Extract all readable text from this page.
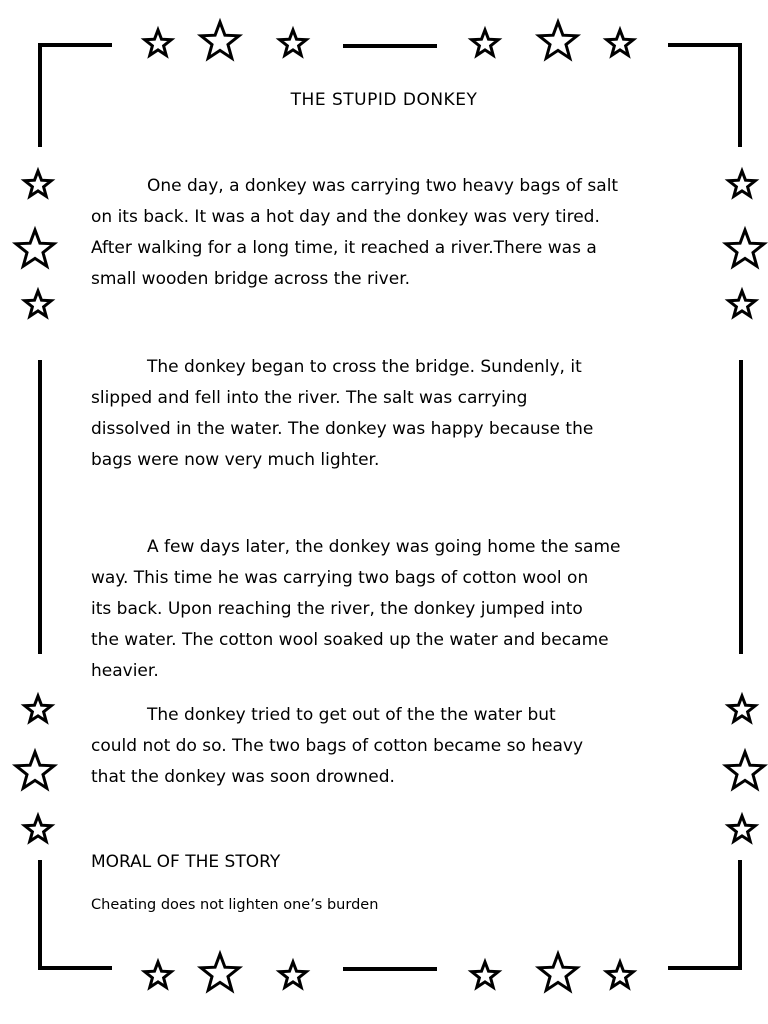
THE STUPID DONKEY
One day, a donkey was carrying two heavy bags of salt
on its back. It was a hot day and the donkey was very tired.
After walking for a long time, it reached a river.There was a
small wooden bridge across the river.
The donkey began to cross the bridge. Sundenly, it
slipped and fell into the river. The salt was carrying
dissolved in the water. The donkey was happy because the
bags were now very much lighter.
A few days later, the donkey was going home the same
way. This time he was carrying two bags of cotton wool on
its back. Upon reaching the river, the donkey jumped into
the water. The cotton wool soaked up the water and became
heavier.
The donkey tried to get out of the the water but
could not do so. The two bags of cotton became so heavy
that the donkey was soon drowned.
MORAL OF THE STORY
Cheating does not lighten one’s burden
